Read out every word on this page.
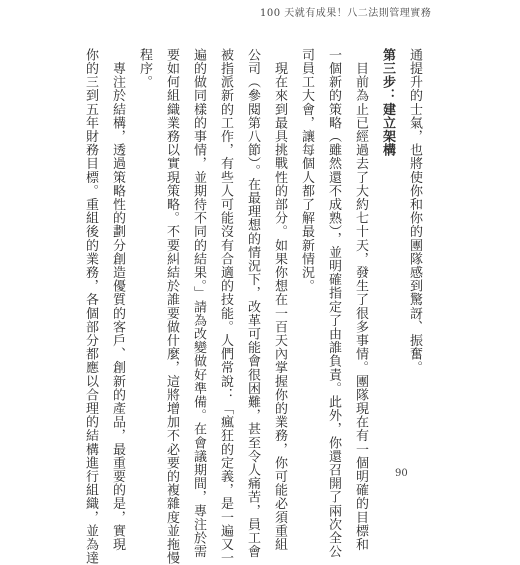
100 天就有成果！八二法則管理實務
通提升的士氣，也將使你和你的團隊感到驚訝、振奮。
第三步：建立架構
　目前為止已經過去了大約七十天，發生了很多事情。團隊現在有一個明確的目標和
一個新的策略（雖然還不成熟），並明確指定了由誰負責。此外，你還召開了兩次全公
司員工大會，讓每個人都了解最新情況。
　現在來到最具挑戰性的部分。如果你想在一百天內掌握你的業務，你可能必須重組
公司（參閱第八節）。在最理想的情況下，改革可能會很困難，甚至令人痛苦，員工會
被指派新的工作，有些人可能沒有合適的技能。人們常說：「瘋狂的定義，是一遍又一
遍的做同樣的事情，並期待不同的結果。」請為改變做好準備。在會議期間，專注於需
要如何組織業務以實現策略。不要糾結於誰要做什麼，這將增加不必要的複雜度並拖慢
程序。
　專注於結構，透過策略性的劃分創造優質的客戶、創新的產品，最重要的是，實現
你的三到五年財務目標。重組後的業務，各個部分都應以合理的結構進行組織，並為達	90
